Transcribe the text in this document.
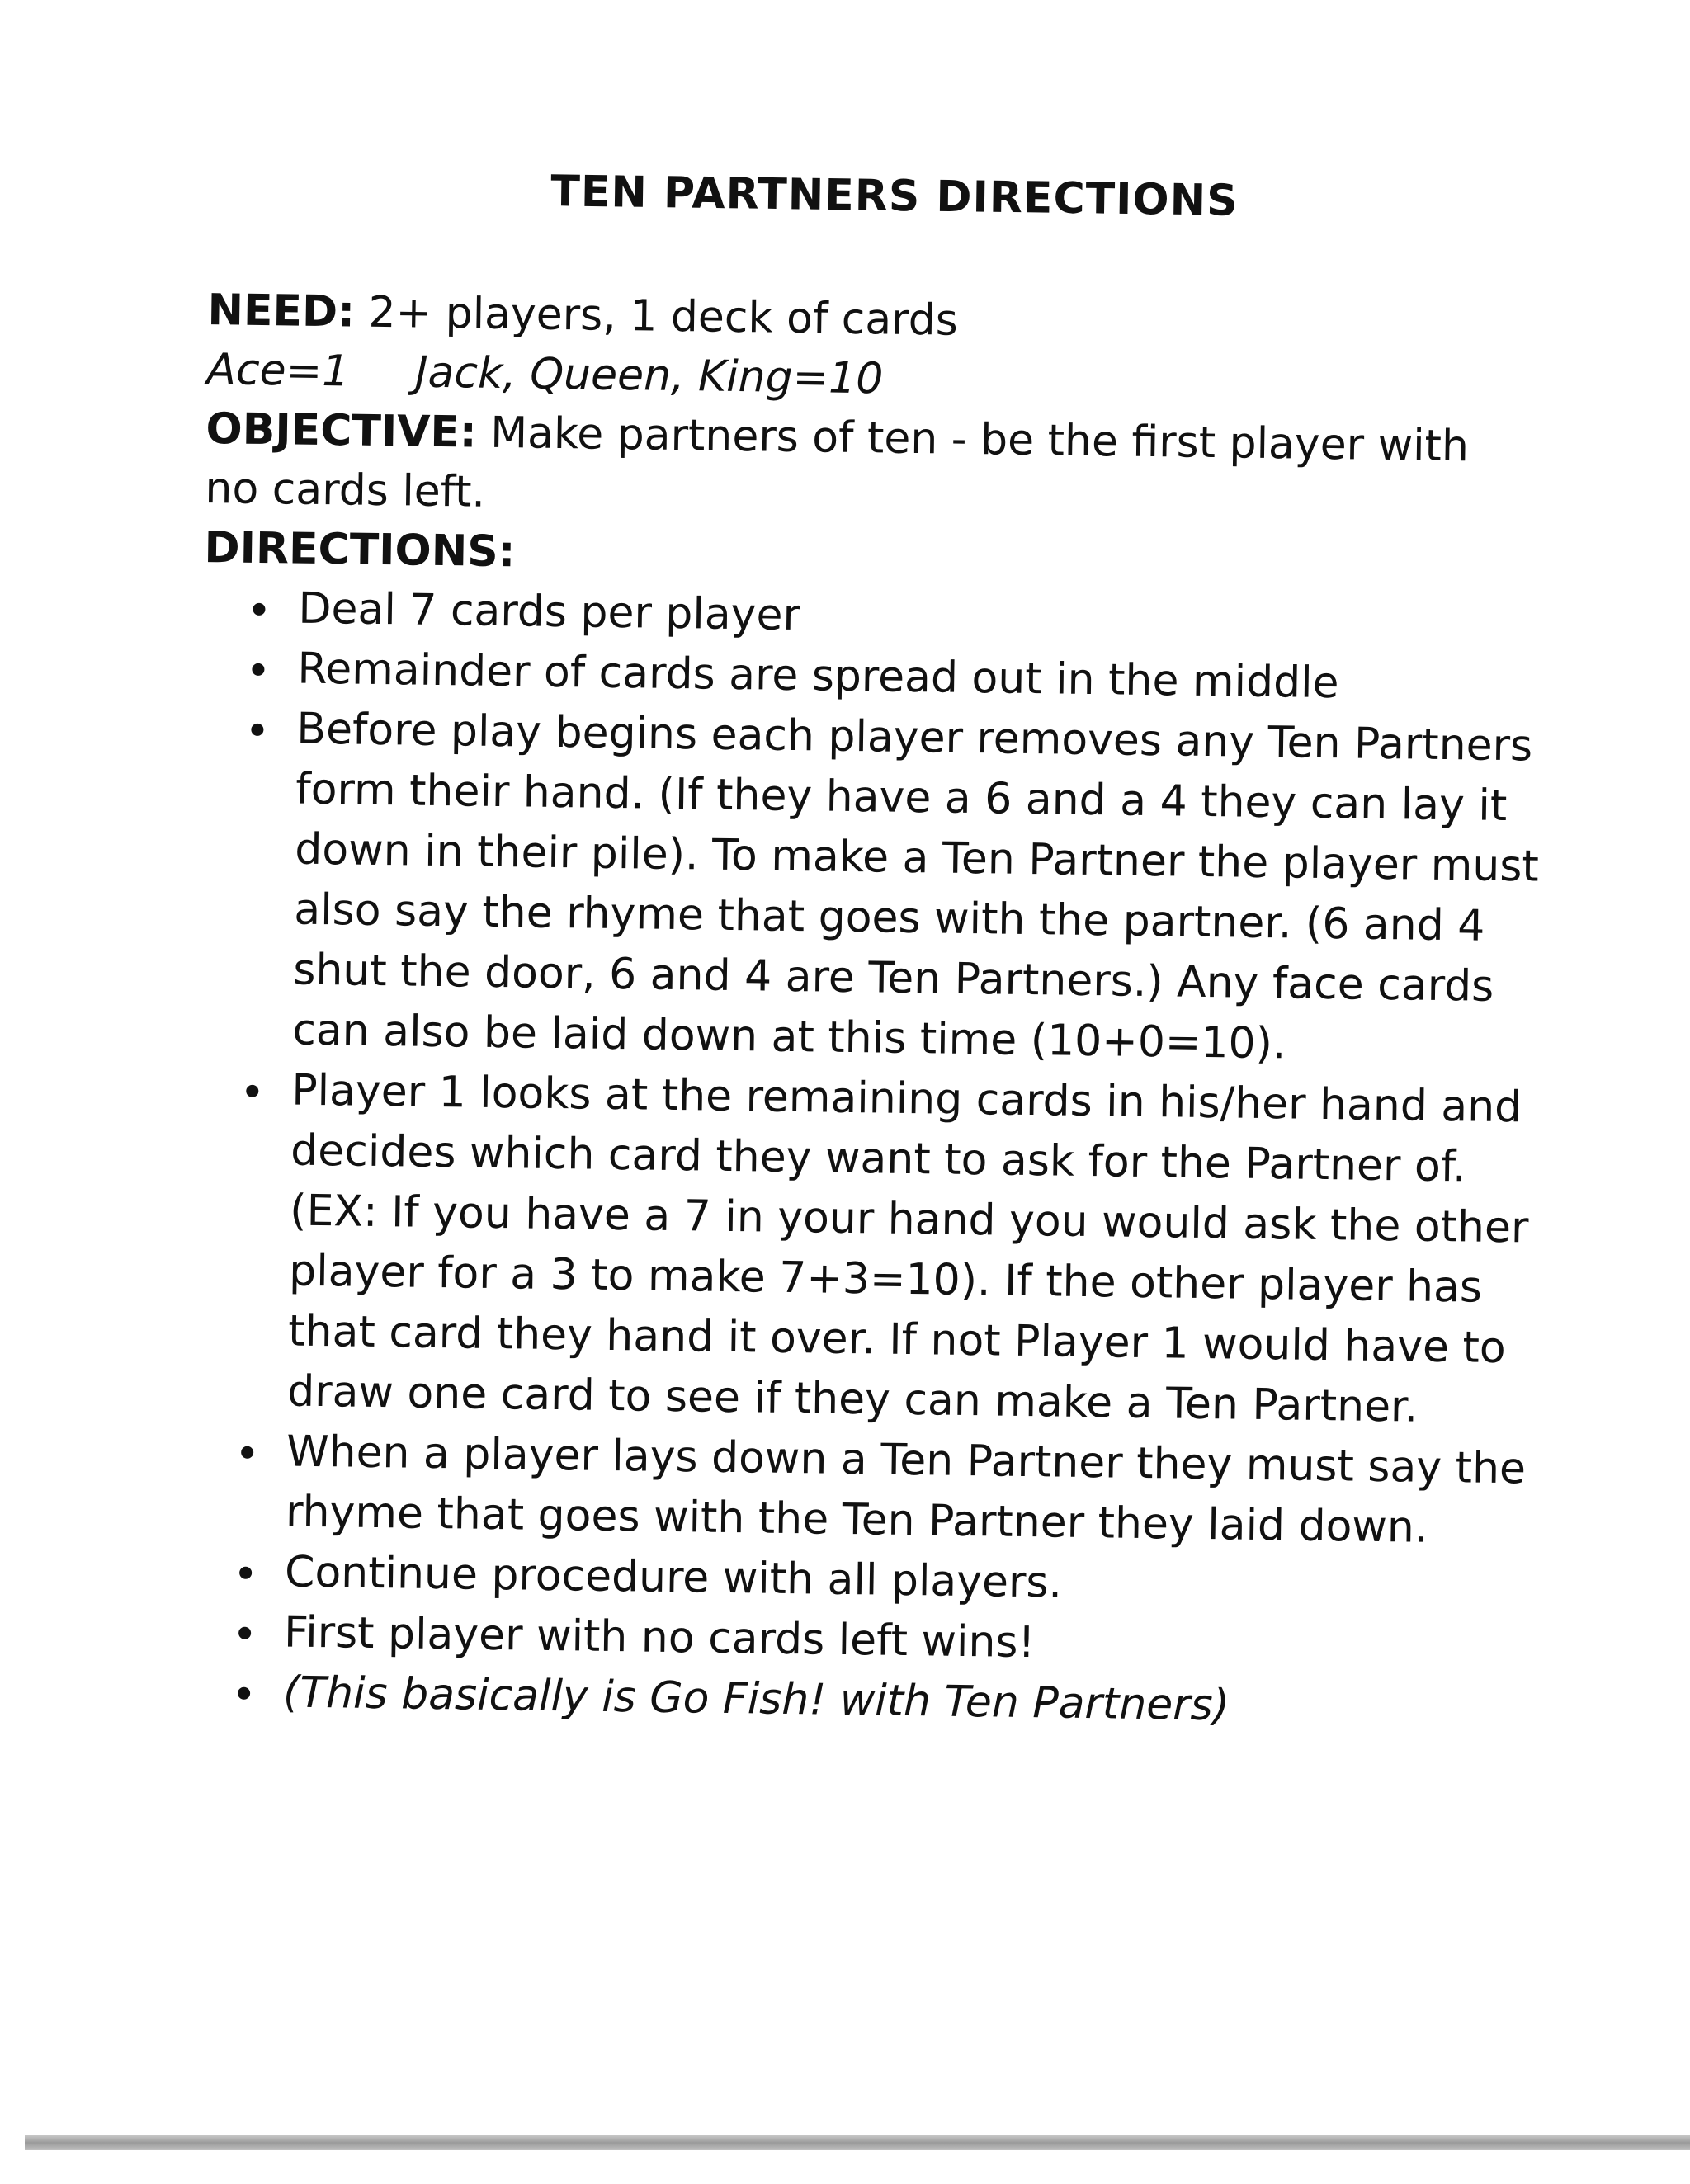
TEN PARTNERS DIRECTIONS
NEED: 2+ players, 1 deck of cards
Ace=1 Jack, Queen, King=10
OBJECTIVE: Make partners of ten - be the first player with no cards left.
DIRECTIONS:
Deal 7 cards per player
Remainder of cards are spread out in the middle
Before play begins each player removes any Ten Partners form their hand. (If they have a 6 and a 4 they can lay it down in their pile). To make a Ten Partner the player must also say the rhyme that goes with the partner. (6 and 4 shut the door, 6 and 4 are Ten Partners.) Any face cards can also be laid down at this time (10+0=10).
Player 1 looks at the remaining cards in his/her hand and decides which card they want to ask for the Partner of. (EX: If you have a 7 in your hand you would ask the other player for a 3 to make 7+3=10). If the other player has that card they hand it over. If not Player 1 would have to draw one card to see if they can make a Ten Partner.
When a player lays down a Ten Partner they must say the rhyme that goes with the Ten Partner they laid down.
Continue procedure with all players.
First player with no cards left wins!
(This basically is Go Fish! with Ten Partners)
